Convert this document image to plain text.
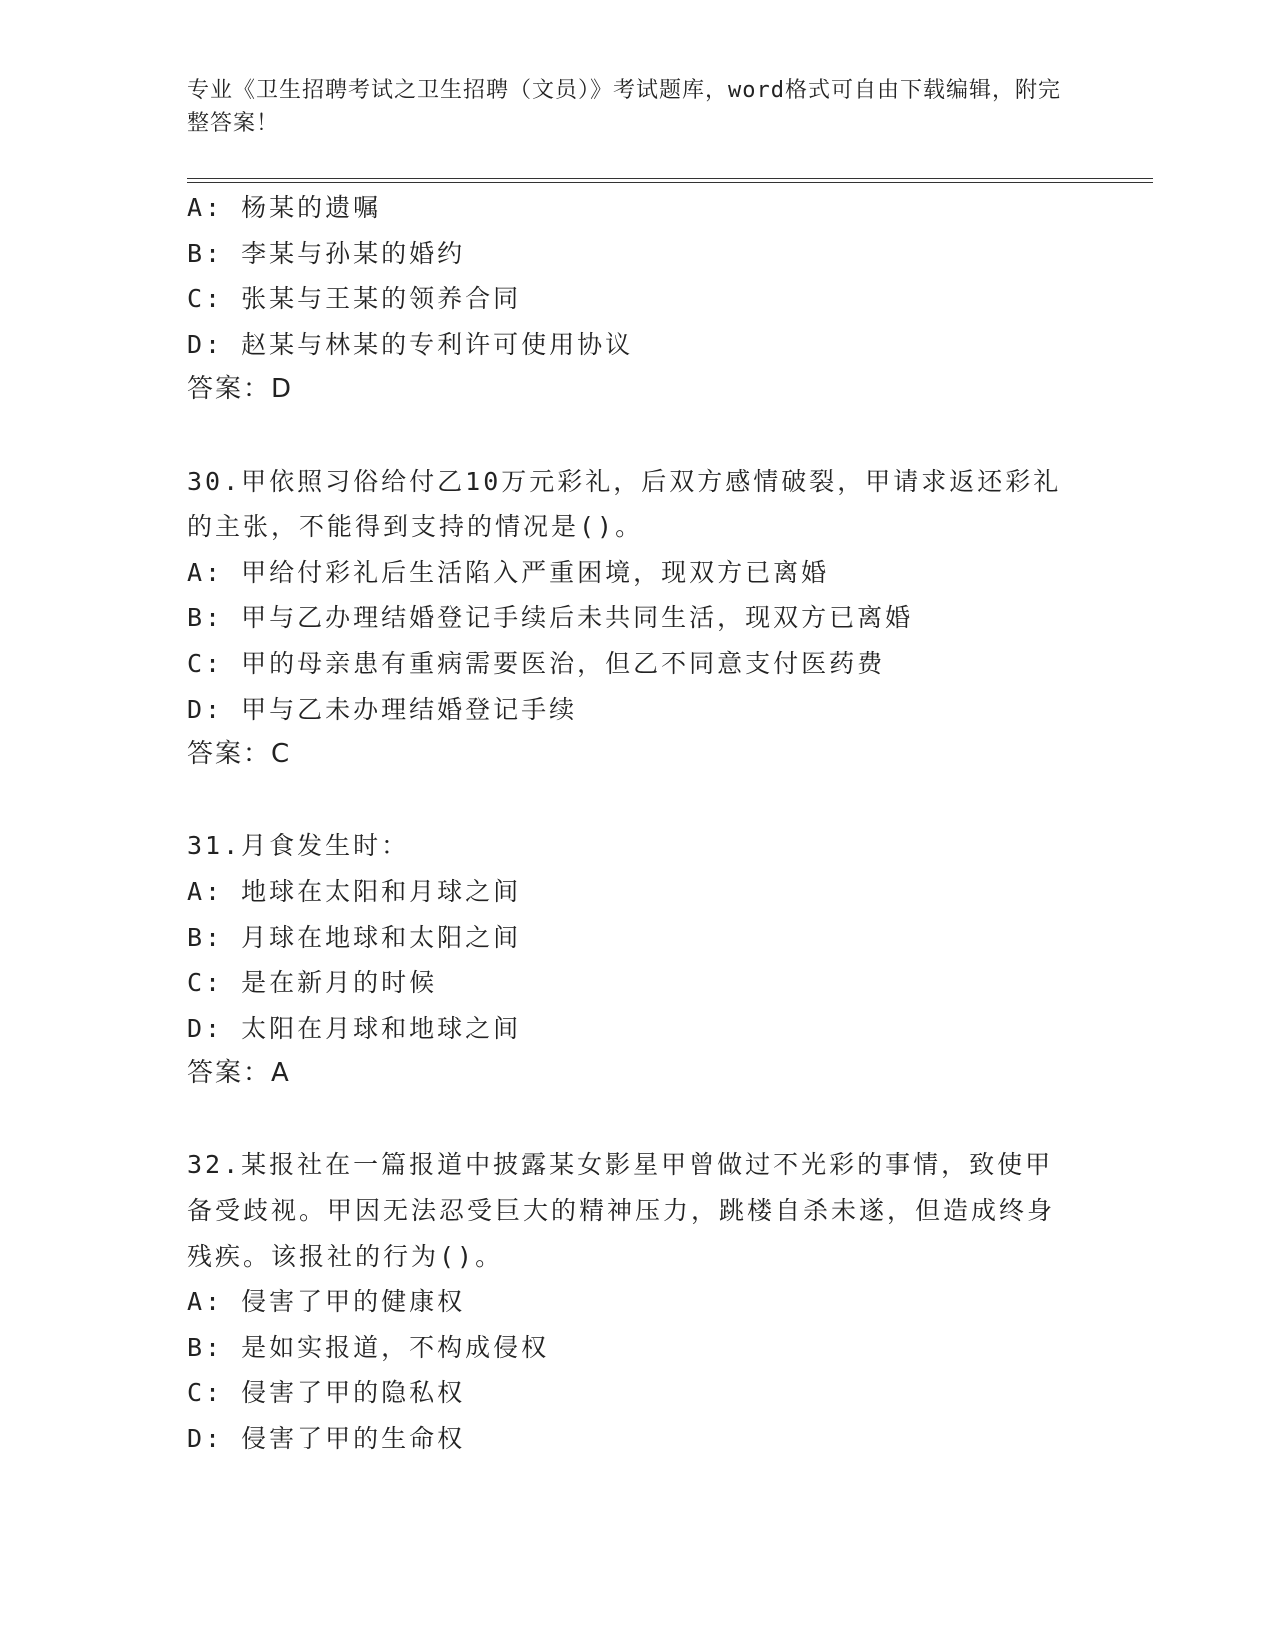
专业《卫生招聘考试之卫生招聘（文员）》考试题库，word格式可自由下载编辑，附完整答案！
A: 杨某的遗嘱
B: 李某与孙某的婚约
C: 张某与王某的领养合同
D: 赵某与林某的专利许可使用协议
答案：D
30.甲依照习俗给付乙10万元彩礼，后双方感情破裂，甲请求返还彩礼的主张，不能得到支持的情况是()。
A: 甲给付彩礼后生活陷入严重困境，现双方已离婚
B: 甲与乙办理结婚登记手续后未共同生活，现双方已离婚
C: 甲的母亲患有重病需要医治，但乙不同意支付医药费
D: 甲与乙未办理结婚登记手续
答案：C
31.月食发生时：
A: 地球在太阳和月球之间
B: 月球在地球和太阳之间
C: 是在新月的时候
D: 太阳在月球和地球之间
答案：A
32.某报社在一篇报道中披露某女影星甲曾做过不光彩的事情，致使甲备受歧视。甲因无法忍受巨大的精神压力，跳楼自杀未遂，但造成终身残疾。该报社的行为()。
A: 侵害了甲的健康权
B: 是如实报道，不构成侵权
C: 侵害了甲的隐私权
D: 侵害了甲的生命权
